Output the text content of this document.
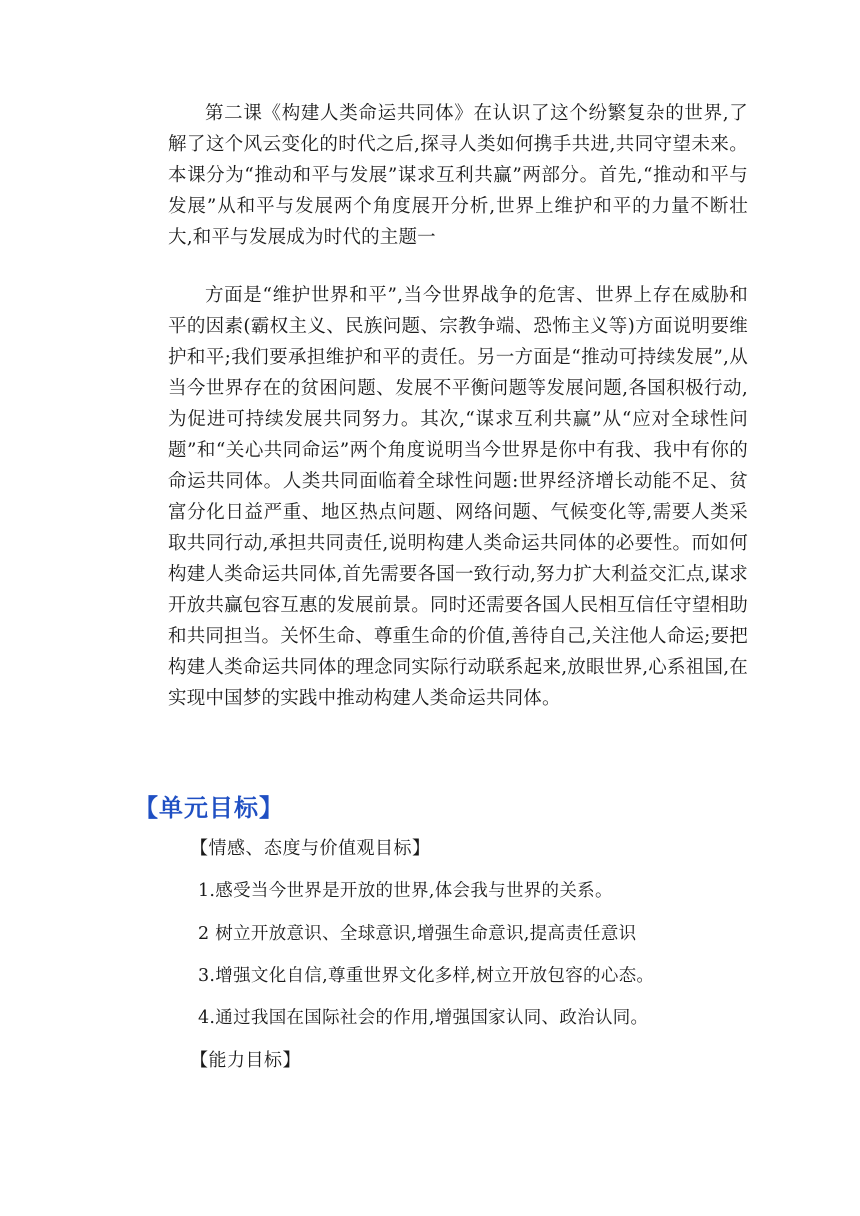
第二课《构建人类命运共同体》在认识了这个纷繁复杂的世界,了解了这个风云变化的时代之后,探寻人类如何携手共进,共同守望未来。本课分为“推动和平与发展”谋求互利共赢”两部分。首先,“推动和平与发展”从和平与发展两个角度展开分析,世界上维护和平的力量不断壮大,和平与发展成为时代的主题一

方面是“维护世界和平”,当今世界战争的危害、世界上存在威胁和平的因素(霸权主义、民族问题、宗教争端、恐怖主义等)方面说明要维护和平;我们要承担维护和平的责任。另一方面是“推动可持续发展”,从当今世界存在的贫困问题、发展不平衡问题等发展问题,各国积极行动,为促进可持续发展共同努力。其次,“谋求互利共赢”从“应对全球性问题”和“关心共同命运”两个角度说明当今世界是你中有我、我中有你的命运共同体。人类共同面临着全球性问题:世界经济增长动能不足、贫富分化日益严重、地区热点问题、网络问题、气候变化等,需要人类采取共同行动,承担共同责任,说明构建人类命运共同体的必要性。而如何构建人类命运共同体,首先需要各国一致行动,努力扩大利益交汇点,谋求开放共赢包容互惠的发展前景。同时还需要各国人民相互信任守望相助和共同担当。关怀生命、尊重生命的价值,善待自己,关注他人命运;要把构建人类命运共同体的理念同实际行动联系起来,放眼世界,心系祖国,在实现中国梦的实践中推动构建人类命运共同体。

【单元目标】

【情感、态度与价值观目标】

1.感受当今世界是开放的世界,体会我与世界的关系。

2 树立开放意识、全球意识,增强生命意识,提高责任意识

3.增强文化自信,尊重世界文化多样,树立开放包容的心态。

4.通过我国在国际社会的作用,增强国家认同、政治认同。

【能力目标】
